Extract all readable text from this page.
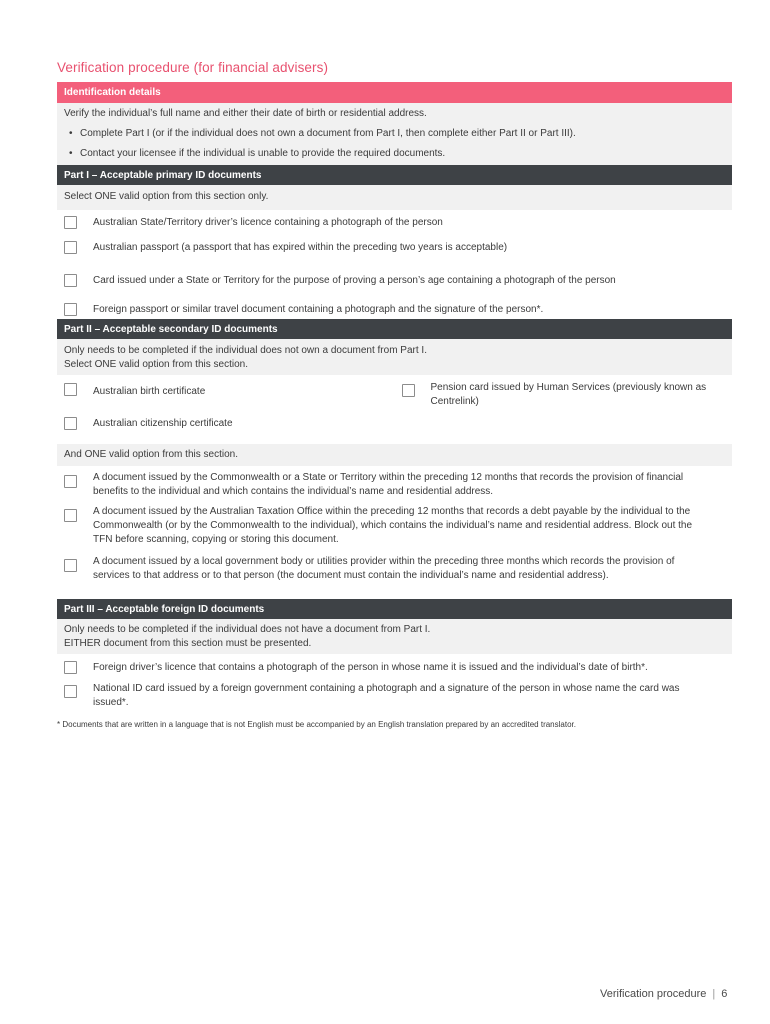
Verification procedure (for financial advisers)
Identification details
Verify the individual’s full name and either their date of birth or residential address.
• Complete Part I (or if the individual does not own a document from Part I, then complete either Part II or Part III).
• Contact your licensee if the individual is unable to provide the required documents.
Part I – Acceptable primary ID documents
Select ONE valid option from this section only.
Australian State/Territory driver’s licence containing a photograph of the person
Australian passport (a passport that has expired within the preceding two years is acceptable)
Card issued under a State or Territory for the purpose of proving a person’s age containing a photograph of the person
Foreign passport or similar travel document containing a photograph and the signature of the person*.
Part II – Acceptable secondary ID documents
Only needs to be completed if the individual does not own a document from Part I.
Select ONE valid option from this section.
Australian birth certificate	Pension card issued by Human Services (previously known as Centrelink)
Australian citizenship certificate
And ONE valid option from this section.
A document issued by the Commonwealth or a State or Territory within the preceding 12 months that records the provision of financial benefits to the individual and which contains the individual’s name and residential address.
A document issued by the Australian Taxation Office within the preceding 12 months that records a debt payable by the individual to the Commonwealth (or by the Commonwealth to the individual), which contains the individual’s name and residential address. Block out the TFN before scanning, copying or storing this document.
A document issued by a local government body or utilities provider within the preceding three months which records the provision of services to that address or to that person (the document must contain the individual’s name and residential address).
Part III – Acceptable foreign ID documents
Only needs to be completed if the individual does not have a document from Part I.
EITHER document from this section must be presented.
Foreign driver’s licence that contains a photograph of the person in whose name it is issued and the individual’s date of birth*.
National ID card issued by a foreign government containing a photograph and a signature of the person in whose name the card was issued*.
* Documents that are written in a language that is not English must be accompanied by an English translation prepared by an accredited translator.
Verification procedure | 6
